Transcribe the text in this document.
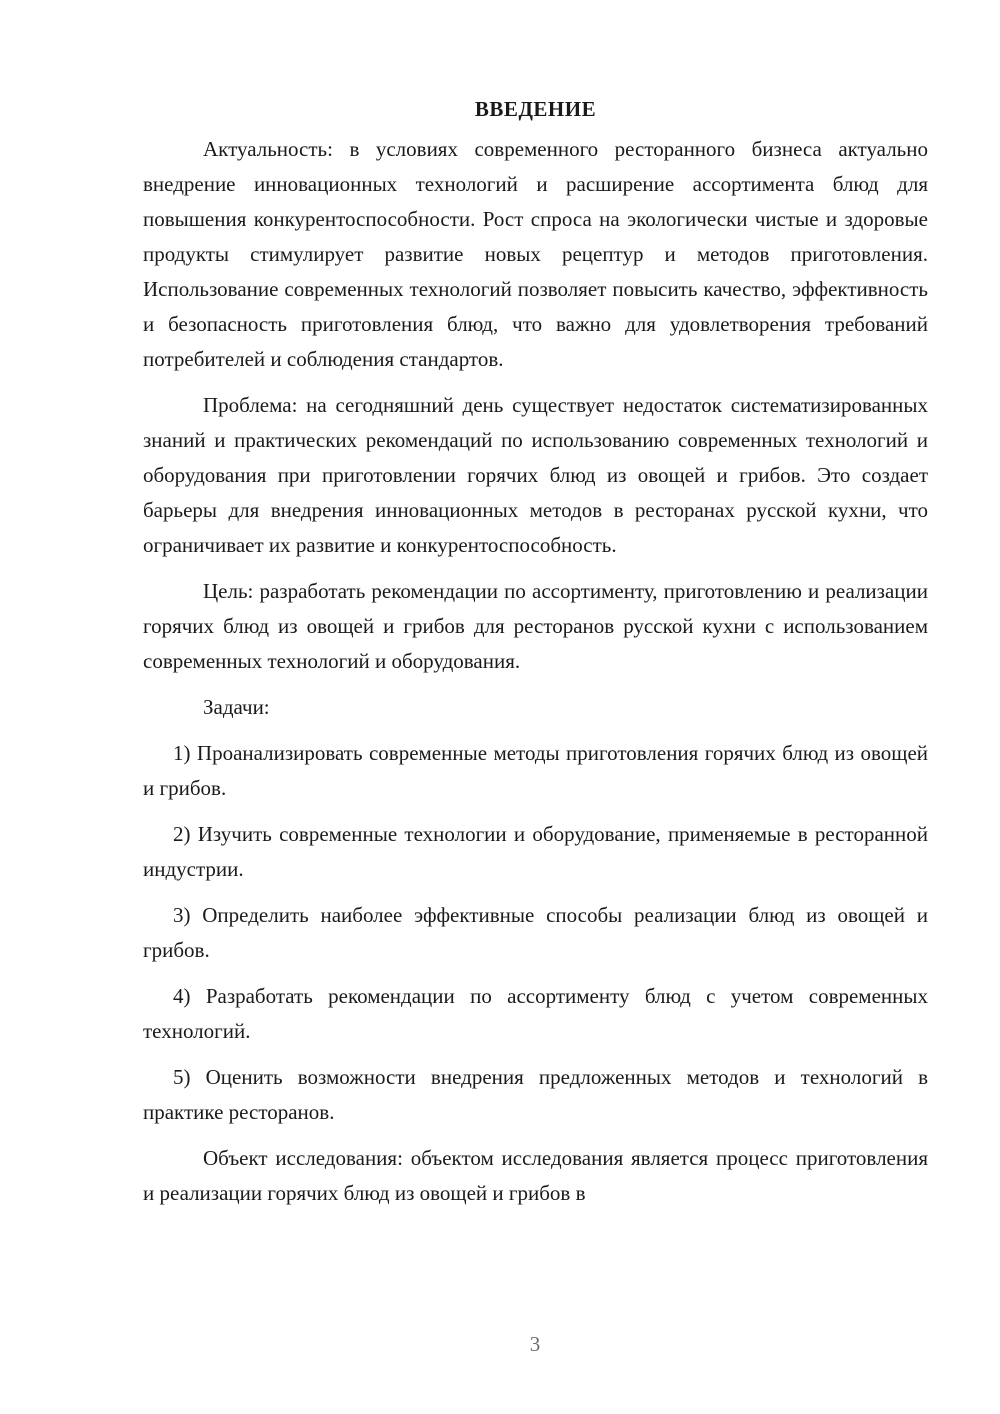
ВВЕДЕНИЕ

Актуальность: в условиях современного ресторанного бизнеса актуально внедрение инновационных технологий и расширение ассортимента блюд для повышения конкурентоспособности. Рост спроса на экологически чистые и здоровые продукты стимулирует развитие новых рецептур и методов приготовления. Использование современных технологий позволяет повысить качество, эффективность и безопасность приготовления блюд, что важно для удовлетворения требований потребителей и соблюдения стандартов.

Проблема: на сегодняшний день существует недостаток систематизированных знаний и практических рекомендаций по использованию современных технологий и оборудования при приготовлении горячих блюд из овощей и грибов. Это создает барьеры для внедрения инновационных методов в ресторанах русской кухни, что ограничивает их развитие и конкурентоспособность.

Цель: разработать рекомендации по ассортименту, приготовлению и реализации горячих блюд из овощей и грибов для ресторанов русской кухни с использованием современных технологий и оборудования.

Задачи:

1) Проанализировать современные методы приготовления горячих блюд из овощей и грибов.

2) Изучить современные технологии и оборудование, применяемые в ресторанной индустрии.

3) Определить наиболее эффективные способы реализации блюд из овощей и грибов.

4) Разработать рекомендации по ассортименту блюд с учетом современных технологий.

5) Оценить возможности внедрения предложенных методов и технологий в практике ресторанов.

Объект исследования: объектом исследования является процесс приготовления и реализации горячих блюд из овощей и грибов в

3
